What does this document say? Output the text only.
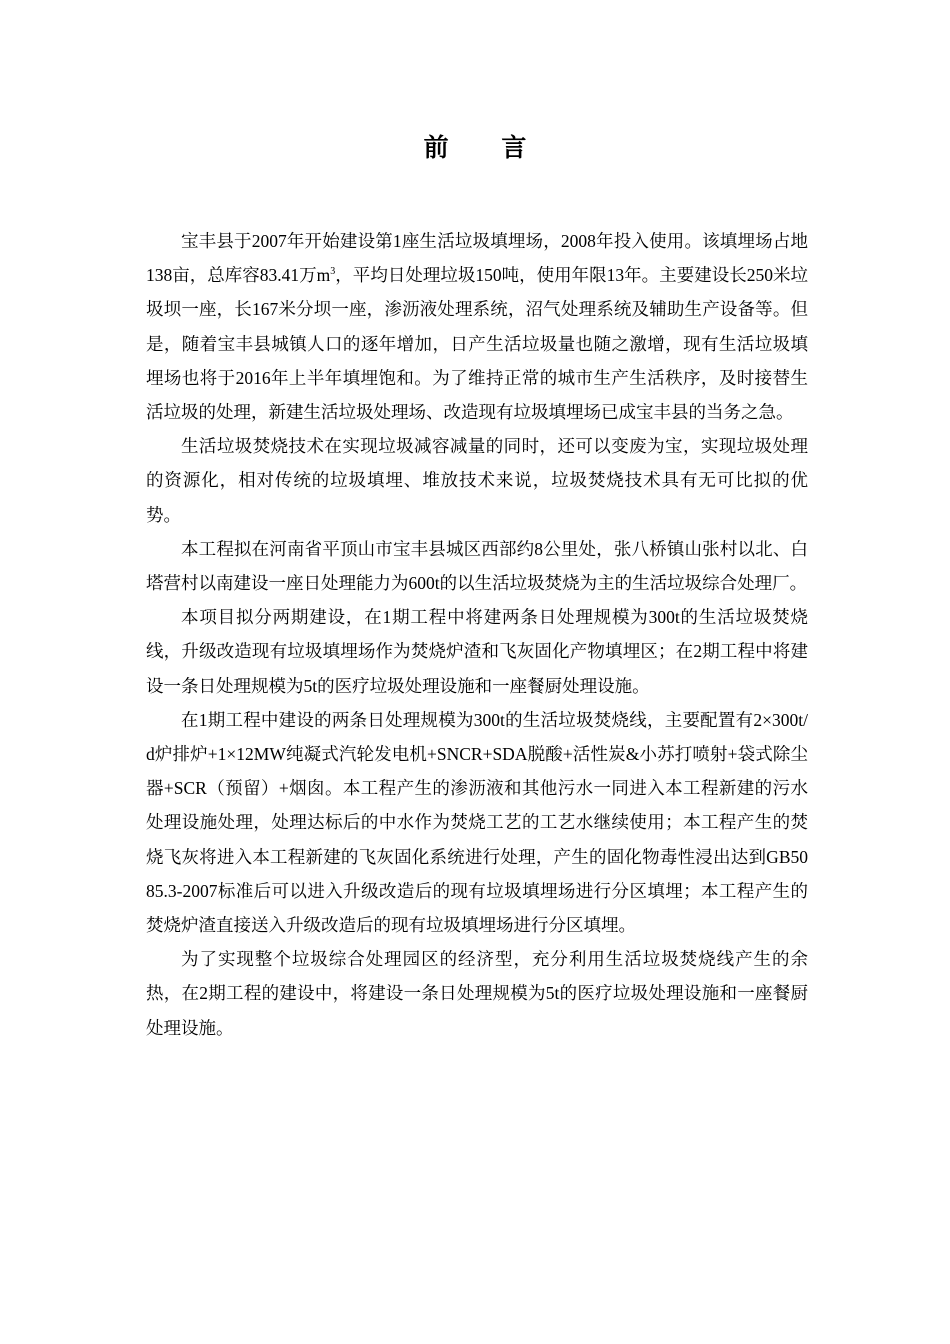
前 言

宝丰县于2007年开始建设第1座生活垃圾填埋场，2008年投入使用。该填埋场占地138亩，总库容83.41万$m^3$，平均日处理垃圾150吨，使用年限13年。主要建设长250米垃圾坝一座，长167米分坝一座，渗沥液处理系统，沼气处理系统及辅助生产设备等。但是，随着宝丰县城镇人口的逐年增加，日产生活垃圾量也随之激增，现有生活垃圾填埋场也将于2016年上半年填埋饱和。为了维持正常的城市生产生活秩序，及时接替生活垃圾的处理，新建生活垃圾处理场、改造现有垃圾填埋场已成宝丰县的当务之急。

生活垃圾焚烧技术在实现垃圾减容减量的同时，还可以变废为宝，实现垃圾处理的资源化，相对传统的垃圾填埋、堆放技术来说，垃圾焚烧技术具有无可比拟的优势。

本工程拟在河南省平顶山市宝丰县城区西部约8公里处，张八桥镇山张村以北、白塔营村以南建设一座日处理能力为600t的以生活垃圾焚烧为主的生活垃圾综合处理厂。

本项目拟分两期建设，在1期工程中将建两条日处理规模为300t的生活垃圾焚烧线，升级改造现有垃圾填埋场作为焚烧炉渣和飞灰固化产物填埋区；在2期工程中将建设一条日处理规模为5t的医疗垃圾处理设施和一座餐厨处理设施。

在1期工程中建设的两条日处理规模为300t的生活垃圾焚烧线，主要配置有2×300t/d炉排炉+1×12MW纯凝式汽轮发电机+SNCR+SDA脱酸+活性炭&小苏打喷射+袋式除尘器+SCR（预留）+烟囱。本工程产生的渗沥液和其他污水一同进入本工程新建的污水处理设施处理，处理达标后的中水作为焚烧工艺的工艺水继续使用；本工程产生的焚烧飞灰将进入本工程新建的飞灰固化系统进行处理，产生的固化物毒性浸出达到GB5085.3-2007标准后可以进入升级改造后的现有垃圾填埋场进行分区填埋；本工程产生的焚烧炉渣直接送入升级改造后的现有垃圾填埋场进行分区填埋。

为了实现整个垃圾综合处理园区的经济型，充分利用生活垃圾焚烧线产生的余热，在2期工程的建设中，将建设一条日处理规模为5t的医疗垃圾处理设施和一座餐厨处理设施。
